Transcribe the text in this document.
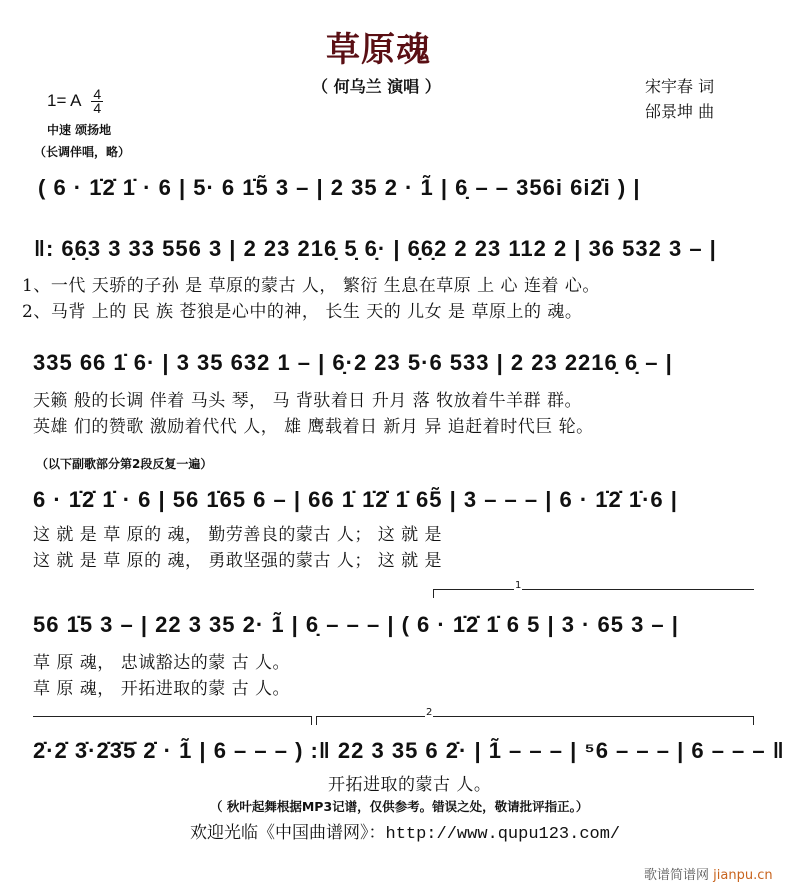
草原魂
（ 何乌兰 演唱 ）	宋宇春 词
邰景坤 曲
1= A $\frac{4}{4}$
中速 颂扬地
（长调伴唱，略）
( 6 · 1̇2̇ 1̇ · 6 | 5· 6 1̇5̃ 3 – | 2 35 2 · 1̃ | 6̣ – – 356i 6i2̇i ) |
‖: 6̣6̣3 3 33 556 3 | 2 23 216̣ 5̣ 6̣· | 6̣6̣2 2 23 112 2 | 36 532 3 – |
1、一代 天骄的子孙 是 草原的蒙古 人， 繁衍 生息在草原 上 心 连着 心。
2、马背 上的 民 族 苍狼是心中的神， 长生 天的 儿女 是 草原上的 魂。
335 66 1̇ 6· | 3 35 632 1 – | 6̣·2 23 5·6 533 | 2 23 2216̣ 6̣ – |
天籁 般的长调 伴着 马头 琴， 马 背驮着日 升月 落 牧放着牛羊群 群。
英雄 们的赞歌 激励着代代 人， 雄 鹰载着日 新月 异 追赶着时代巨 轮。
（以下副歌部分第2段反复一遍）
6 · 1̇2̇ 1̇ · 6 | 56 1̇65 6 – | 66 1̇ 1̇2̇ 1̇ 65̃ | 3 – – – | 6 · 1̇2̇ 1̇·6 |
这 就 是 草 原的 魂， 勤劳善良的蒙古 人； 这 就 是
这 就 是 草 原的 魂， 勇敢坚强的蒙古 人； 这 就 是
1
56 1̇5 3 – | 22 3 35 2· 1̃ | 6̣ – – – | ( 6 · 1̇2̇ 1̇ 6 5 | 3 · 65 3 – |
草 原 魂， 忠诚豁达的蒙 古 人。
草 原 魂， 开拓进取的蒙 古 人。
2
2̇·2̇ 3̇·2̇3̇5̇ 2̇ · 1̃ | 6 – – – ) :‖ 22 3 35 6 2̇· | 1̃ – – – | ⁵6 – – – | 6 – – – ‖
开拓进取的蒙古 人。
（ 秋叶起舞根据MP3记谱，仅供参考。错误之处，敬请批评指正。）
欢迎光临《中国曲谱网》：http://www.qupu123.com/
歌谱简谱网 jianpu.cn
